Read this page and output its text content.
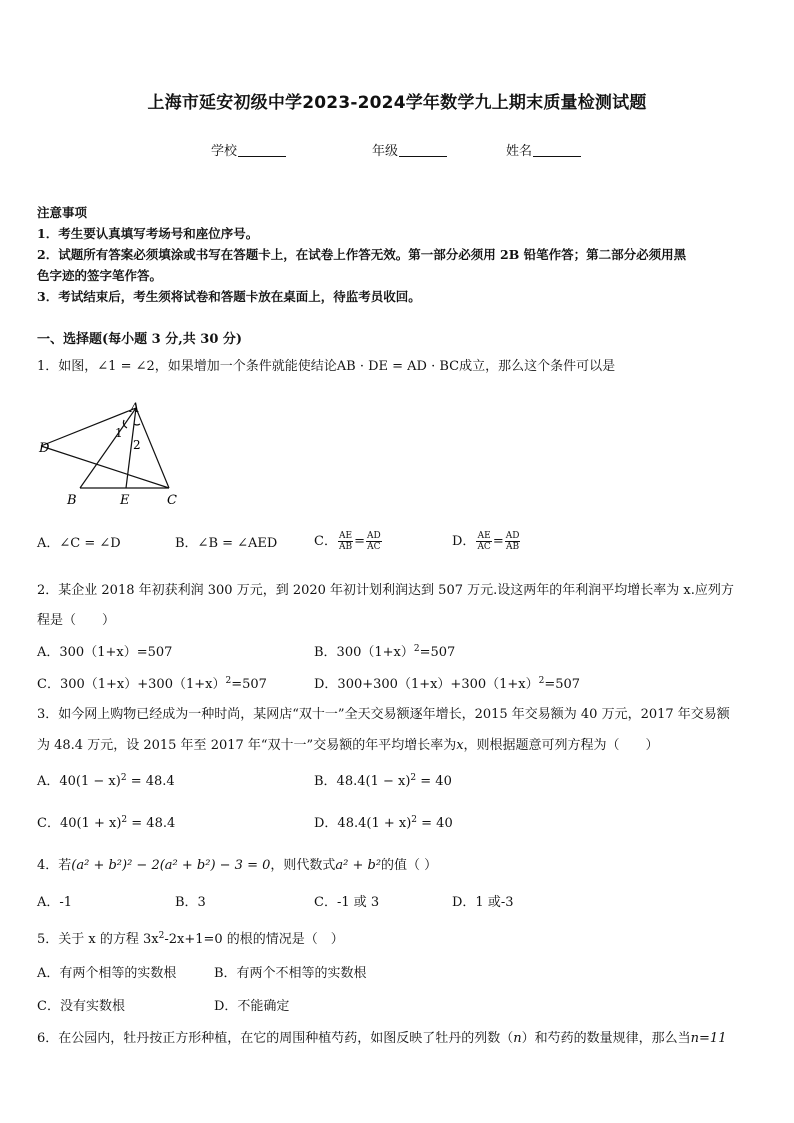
上海市延安初级中学2023-2024学年数学九上期末质量检测试题
学校	年级	姓名
注意事项
1．考生要认真填写考场号和座位序号。
2．试题所有答案必须填涂或书写在答题卡上，在试卷上作答无效。第一部分必须用 2B 铅笔作答；第二部分必须用黑
色字迹的签字笔作答。
3．考试结束后，考生须将试卷和答题卡放在桌面上，待监考员收回。
一、选择题(每小题 3 分,共 30 分)
1．如图，∠1 = ∠2，如果增加一个条件就能使结论AB · DE = AD · BC成立，那么这个条件可以是
A
D
B	E	C
1
2
A．∠C = ∠D	B．∠B = ∠AED	C． $\frac{AE}{AB} = \frac{AD}{AC}$	D． $\frac{AE}{AC} = \frac{AD}{AB}$
2．某企业 2018 年初获利润 300 万元，到 2020 年初计划利润达到 507 万元.设这两年的年利润平均增长率为 x.应列方
程是（　　）
A．300（1+x）=507	B．$300(1+x)^2=507$
C．$300(1+x)+300(1+x)^2=507$	D．$300+300(1+x)+300(1+x)^2=507$
3．如今网上购物已经成为一种时尚，某网店“双十一”全天交易额逐年增长，2015 年交易额为 40 万元，2017 年交易额
为 48.4 万元，设 2015 年至 2017 年“双十一”交易额的年平均增长率为x，则根据题意可列方程为（　　）
A．$40(1 - x)^2 = 48.4$	B．$48.4(1 - x)^2 = 40$
C．$40(1 + x)^2 = 48.4$	D．$48.4(1 + x)^2 = 40$
4．若(a² + b²)² − 2(a² + b²) − 3 = 0，则代数式a² + b²的值（ ）
A．-1	B．3	C．-1 或 3	D．1 或-3
5．关于 x 的方程 $3x^2-2x+1=0$ 的根的情况是（　）
A．有两个相等的实数根	B．有两个不相等的实数根
C．没有实数根	D．不能确定
6．在公园内，牡丹按正方形种植，在它的周围种植芍药，如图反映了牡丹的列数（n）和芍药的数量规律，那么当n=11
